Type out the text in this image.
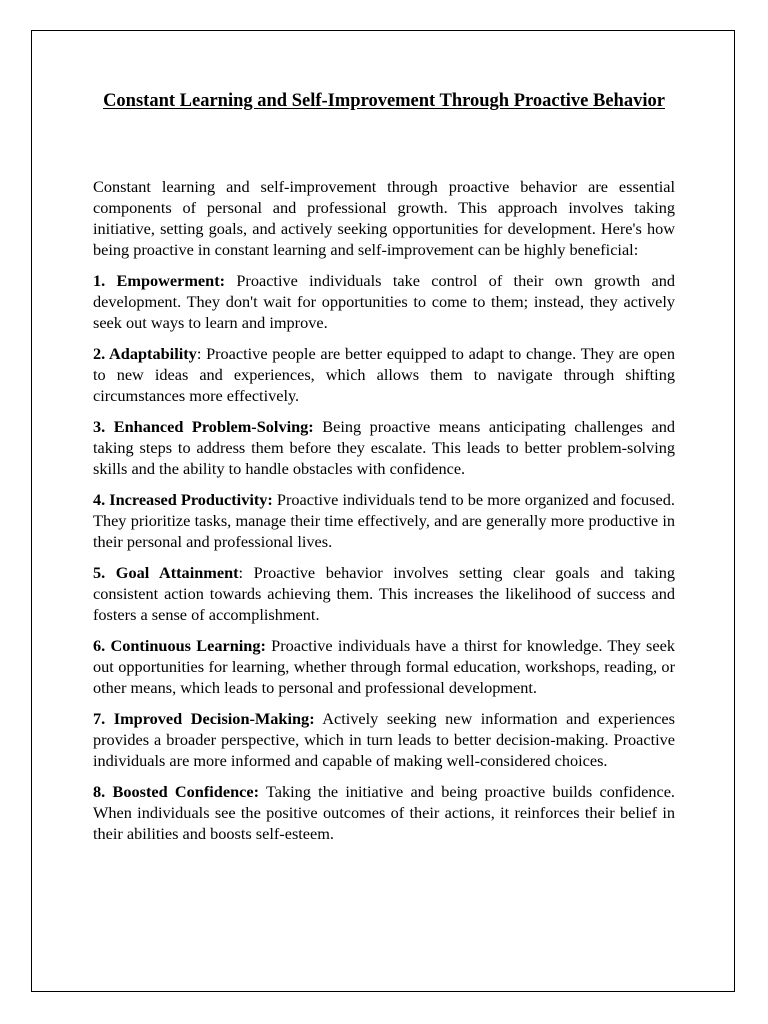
Constant Learning and Self-Improvement Through Proactive Behavior

Constant learning and self-improvement through proactive behavior are essential components of personal and professional growth. This approach involves taking initiative, setting goals, and actively seeking opportunities for development. Here's how being proactive in constant learning and self-improvement can be highly beneficial:

1. Empowerment: Proactive individuals take control of their own growth and development. They don't wait for opportunities to come to them; instead, they actively seek out ways to learn and improve.

2. Adaptability: Proactive people are better equipped to adapt to change. They are open to new ideas and experiences, which allows them to navigate through shifting circumstances more effectively.

3. Enhanced Problem-Solving: Being proactive means anticipating challenges and taking steps to address them before they escalate. This leads to better problem-solving skills and the ability to handle obstacles with confidence.

4. Increased Productivity: Proactive individuals tend to be more organized and focused. They prioritize tasks, manage their time effectively, and are generally more productive in their personal and professional lives.

5. Goal Attainment: Proactive behavior involves setting clear goals and taking consistent action towards achieving them. This increases the likelihood of success and fosters a sense of accomplishment.

6. Continuous Learning: Proactive individuals have a thirst for knowledge. They seek out opportunities for learning, whether through formal education, workshops, reading, or other means, which leads to personal and professional development.

7. Improved Decision-Making: Actively seeking new information and experiences provides a broader perspective, which in turn leads to better decision-making. Proactive individuals are more informed and capable of making well-considered choices.

8. Boosted Confidence: Taking the initiative and being proactive builds confidence. When individuals see the positive outcomes of their actions, it reinforces their belief in their abilities and boosts self-esteem.
